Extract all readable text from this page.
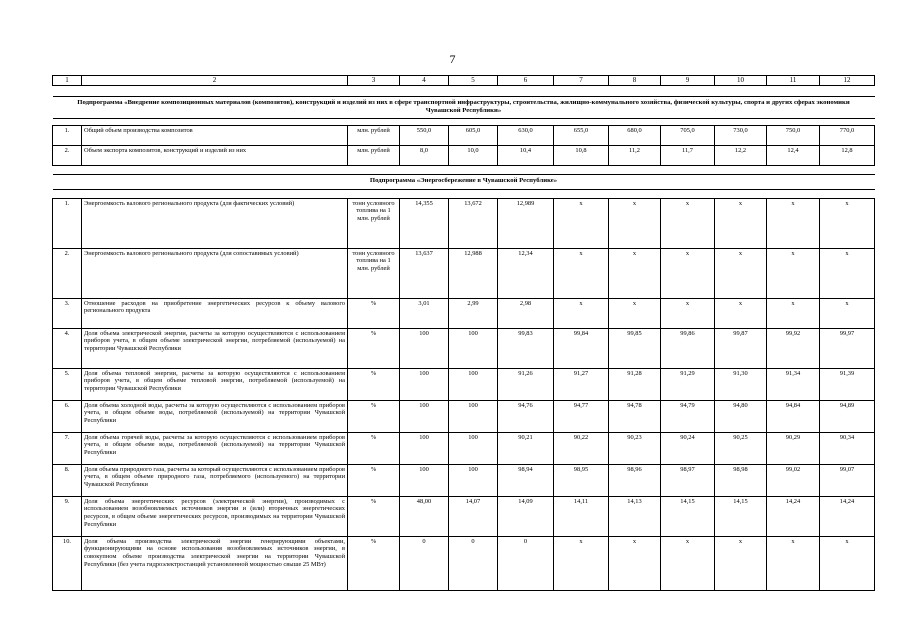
7
1	2	3	4	5	6	7	8	9	10	11	12

Подпрограмма «Внедрение композиционных материалов (композитов), конструкций и изделий из них в сфере транспортной инфраструктуры, строительства, жилищно-коммунального хозяйства, физической культуры, спорта и других сферах экономики Чувашской Республики»											

1.	Общий объем производства композитов	млн. рублей	550,0	605,0	630,0	655,0	680,0	705,0	730,0	750,0	770,0
2.	Объем экспорта композитов, конструкций и изделий из них	млн. рублей	8,0	10,0	10,4	10,8	11,2	11,7	12,2	12,4	12,8

Подпрограмма «Энергосбережение в Чувашской Республике»											

1.	Энергоемкость валового регионального продукта (для фактических условий)	тонн условного топлива на 1 млн. рублей	14,355	13,672	12,989	x	x	x	x	x	x
2.	Энергоемкость валового регионального продукта (для сопоставимых условий)	тонн условного топлива на 1 млн. рублей	13,637	12,988	12,34	x	x	x	x	x	x
3.	Отношение расходов на приобретение энергетических ресурсов к объему валового регионального продукта	%	3,01	2,99	2,98	x	x	x	x	x	x
4.	Доля объема электрической энергии, расчеты за которую осуществляются с использованием приборов учета, в общем объеме электрической энергии, потребляемой (используемой) на территории Чувашской Республики	%	100	100	99,83	99,84	99,85	99,86	99,87	99,92	99,97
5.	Доля объема тепловой энергии, расчеты за которую осуществляются с использованием приборов учета, в общем объеме тепловой энергии, потребляемой (используемой) на территории Чувашской Республики	%	100	100	91,26	91,27	91,28	91,29	91,30	91,34	91,39
6.	Доля объема холодной воды, расчеты за которую осуществляются с использованием приборов учета, в общем объеме воды, потребляемой (используемой) на территории Чувашской Республики	%	100	100	94,76	94,77	94,78	94,79	94,80	94,84	94,89
7.	Доля объема горячей воды, расчеты за которую осуществляются с использованием приборов учета, в общем объеме воды, потребляемой (используемой) на территории Чувашской Республики	%	100	100	90,21	90,22	90,23	90,24	90,25	90,29	90,34
8.	Доля объема природного газа, расчеты за который осуществляются с использованием приборов учета, в общем объеме природного газа, потребляемого (используемого) на территории Чувашской Республики	%	100	100	98,94	98,95	98,96	98,97	98,98	99,02	99,07
9.	Доля объема энергетических ресурсов (электрической энергии), производимых с использованием возобновляемых источников энергии и (или) вторичных энергетических ресурсов, в общем объеме энергетических ресурсов, производимых на территории Чувашской Республики	%	48,00	14,07	14,09	14,11	14,13	14,15	14,15	14,24	14,24
10.	Доля объема производства электрической энергии генерирующими объектами, функционирующими на основе использования возобновляемых источников энергии, в совокупном объеме производства электрической энергии на территории Чувашской Республики (без учета гидроэлектростанций установленной мощностью свыше 25 МВт)	%	0	0	0	x	x	x	x	x	x
